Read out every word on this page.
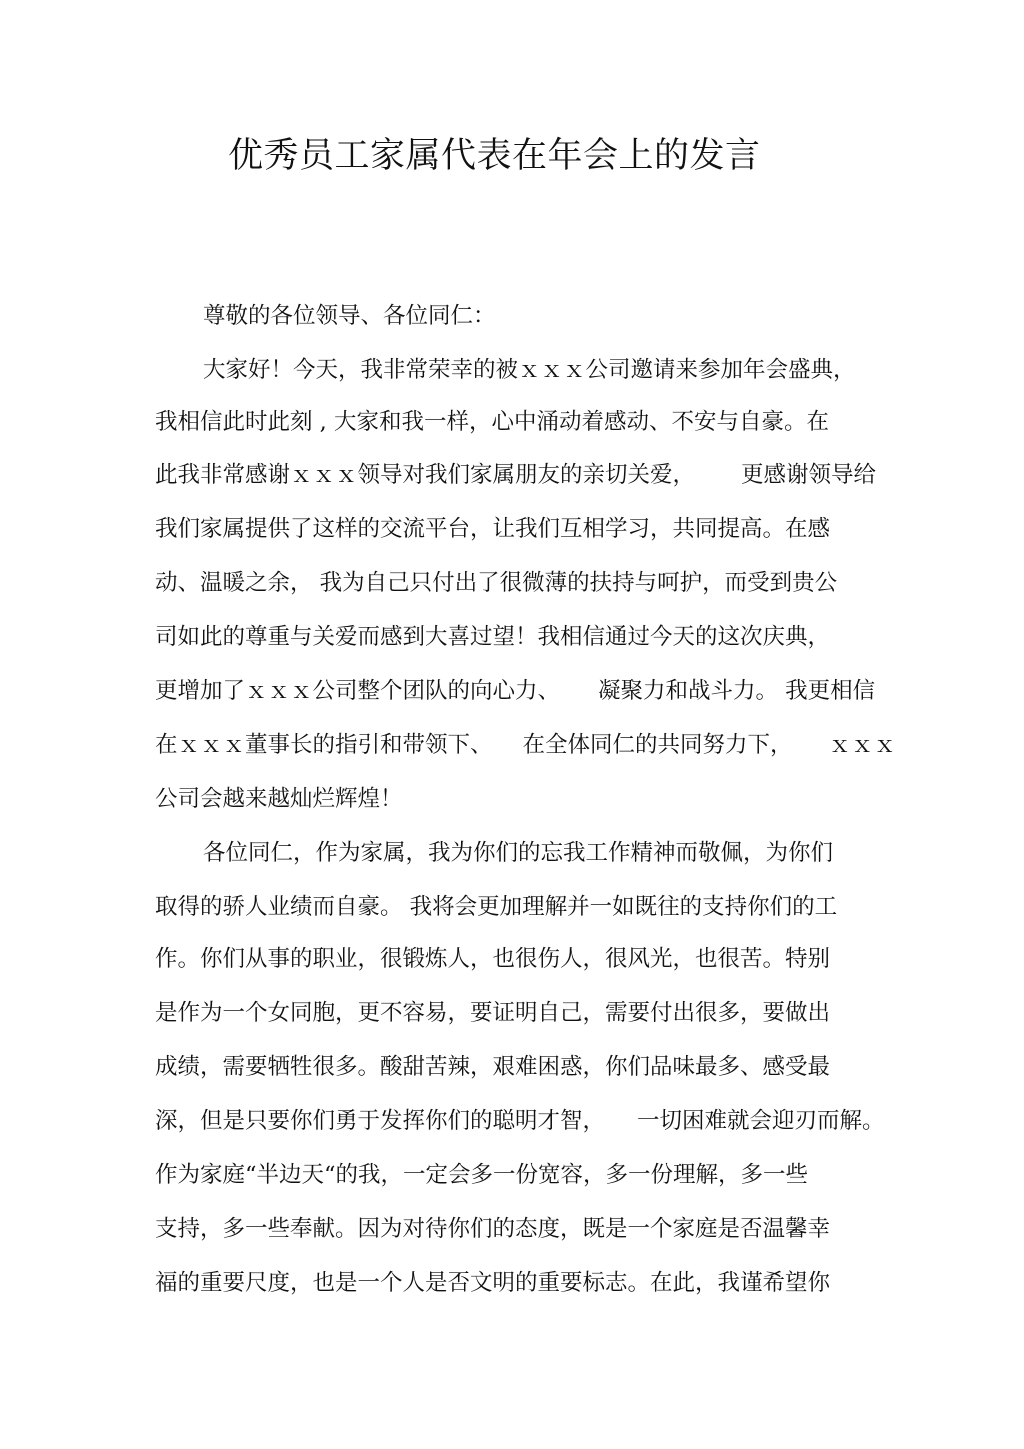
优秀员工家属代表在年会上的发言
尊敬的各位领导、各位同仁：
大家好！今天，我非常荣幸的被ｘｘｘ公司邀请来参加年会盛典，
我相信此时此刻 , 大家和我一样，心中涌动着感动、不安与自豪。在
此我非常感谢ｘｘｘ领导对我们家属朋友的亲切关爱， 更感谢领导给
我们家属提供了这样的交流平台，让我们互相学习，共同提高。在感
动、温暖之余， 我为自己只付出了很微薄的扶持与呵护，而受到贵公
司如此的尊重与关爱而感到大喜过望！我相信通过今天的这次庆典，
更增加了ｘｘｘ公司整个团队的向心力、 凝聚力和战斗力。 我更相信
在ｘｘｘ董事长的指引和带领下、 在全体同仁的共同努力下， ｘｘｘ
公司会越来越灿烂辉煌！
各位同仁，作为家属，我为你们的忘我工作精神而敬佩，为你们
取得的骄人业绩而自豪。 我将会更加理解并一如既往的支持你们的工
作。你们从事的职业，很锻炼人，也很伤人，很风光，也很苦。特别
是作为一个女同胞，更不容易，要证明自己，需要付出很多，要做出
成绩，需要牺牲很多。酸甜苦辣，艰难困惑，你们品味最多、感受最
深，但是只要你们勇于发挥你们的聪明才智， 一切困难就会迎刃而解。
作为家庭“半边天“的我，一定会多一份宽容，多一份理解，多一些
支持，多一些奉献。因为对待你们的态度，既是一个家庭是否温馨幸
福的重要尺度，也是一个人是否文明的重要标志。在此，我谨希望你
